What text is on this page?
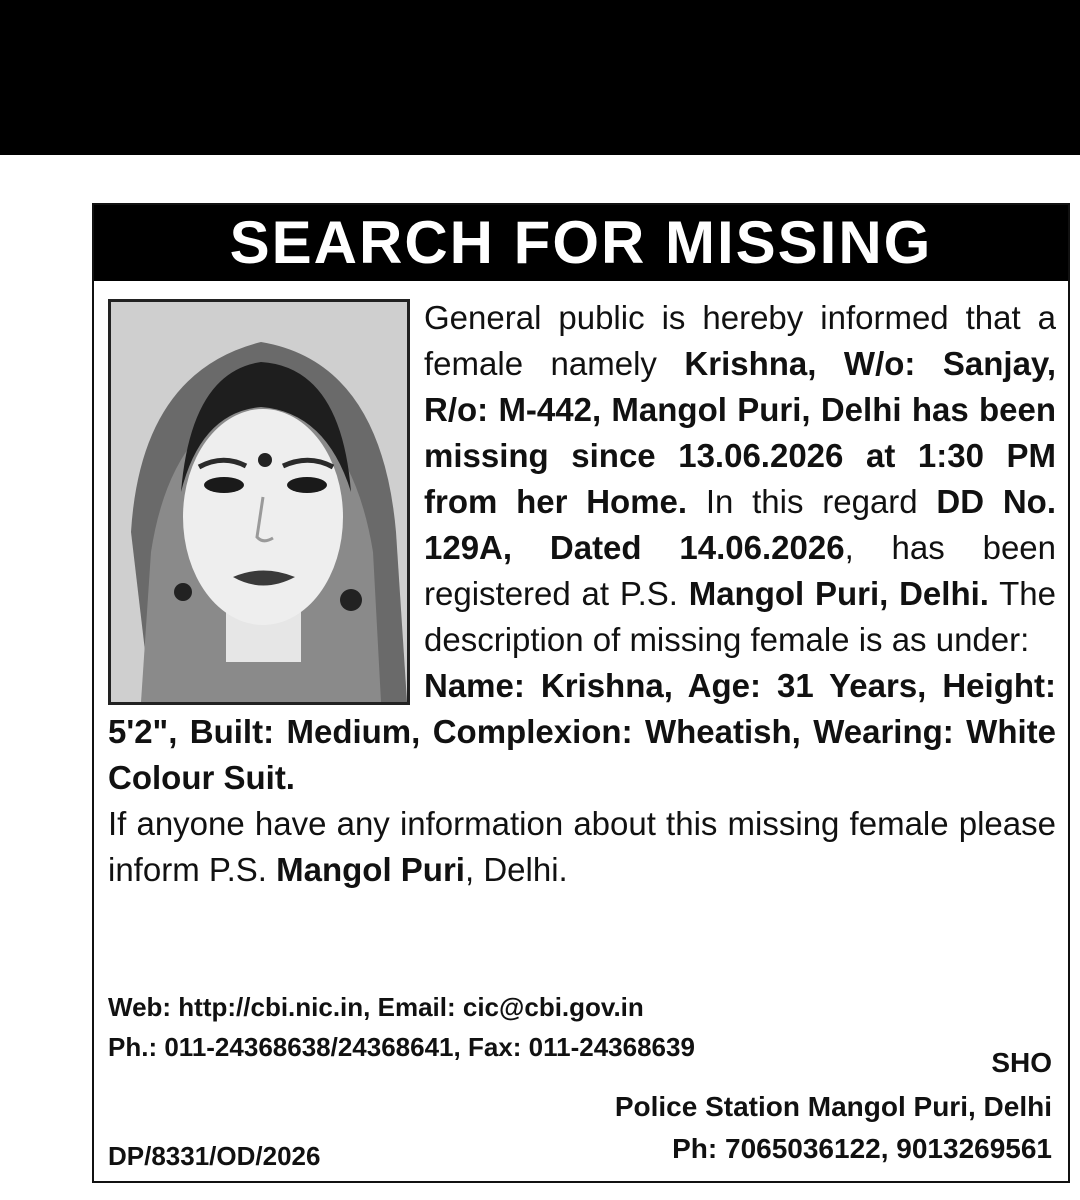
SEARCH FOR MISSING
General public is hereby informed that a female namely Krishna, W/o: Sanjay, R/o: M-442, Mangol Puri, Delhi has been missing since 13.06.2026 at 1:30 PM from her Home. In this regard DD No. 129A, Dated 14.06.2026, has been registered at P.S. Mangol Puri, Delhi. The description of missing female is as under:
Name: Krishna, Age: 31 Years, Height: 5'2", Built: Medium, Complexion: Wheatish, Wearing: White Colour Suit.
If anyone have any information about this missing female please inform P.S. Mangol Puri, Delhi.
Web: http://cbi.nic.in, Email: cic@cbi.gov.in
Ph.: 011-24368638/24368641, Fax: 011-24368639	SHO
Police Station Mangol Puri, Delhi
Ph: 7065036122, 9013269561
DP/8331/OD/2026
